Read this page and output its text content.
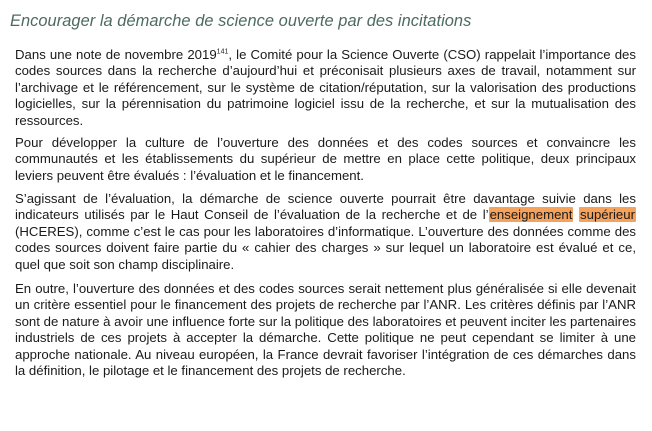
Encourager la démarche de science ouverte par des incitations

Dans une note de novembre 2019$^{141}$, le Comité pour la Science Ouverte (CSO) rappelait l’importance des codes sources dans la recherche d’aujourd’hui et préconisait plusieurs axes de travail, notamment sur l’archivage et le référencement, sur le système de citation/réputation, sur la valorisation des productions logicielles, sur la pérennisation du patrimoine logiciel issu de la recherche, et sur la mutualisation des ressources.

Pour développer la culture de l’ouverture des données et des codes sources et convaincre les communautés et les établissements du supérieur de mettre en place cette politique, deux principaux leviers peuvent être évalués : l’évaluation et le financement.

S’agissant de l’évaluation, la démarche de science ouverte pourrait être davantage suivie dans les indicateurs utilisés par le Haut Conseil de l’évaluation de la recherche et de l’enseignement supérieur (HCERES), comme c’est le cas pour les laboratoires d’informatique. L’ouverture des données comme des codes sources doivent faire partie du « cahier des charges » sur lequel un laboratoire est évalué et ce, quel que soit son champ disciplinaire.

En outre, l’ouverture des données et des codes sources serait nettement plus généralisée si elle devenait un critère essentiel pour le financement des projets de recherche par l’ANR. Les critères définis par l’ANR sont de nature à avoir une influence forte sur la politique des laboratoires et peuvent inciter les partenaires industriels de ces projets à accepter la démarche. Cette politique ne peut cependant se limiter à une approche nationale. Au niveau européen, la France devrait favoriser l’intégration de ces démarches dans la définition, le pilotage et le financement des projets de recherche.
